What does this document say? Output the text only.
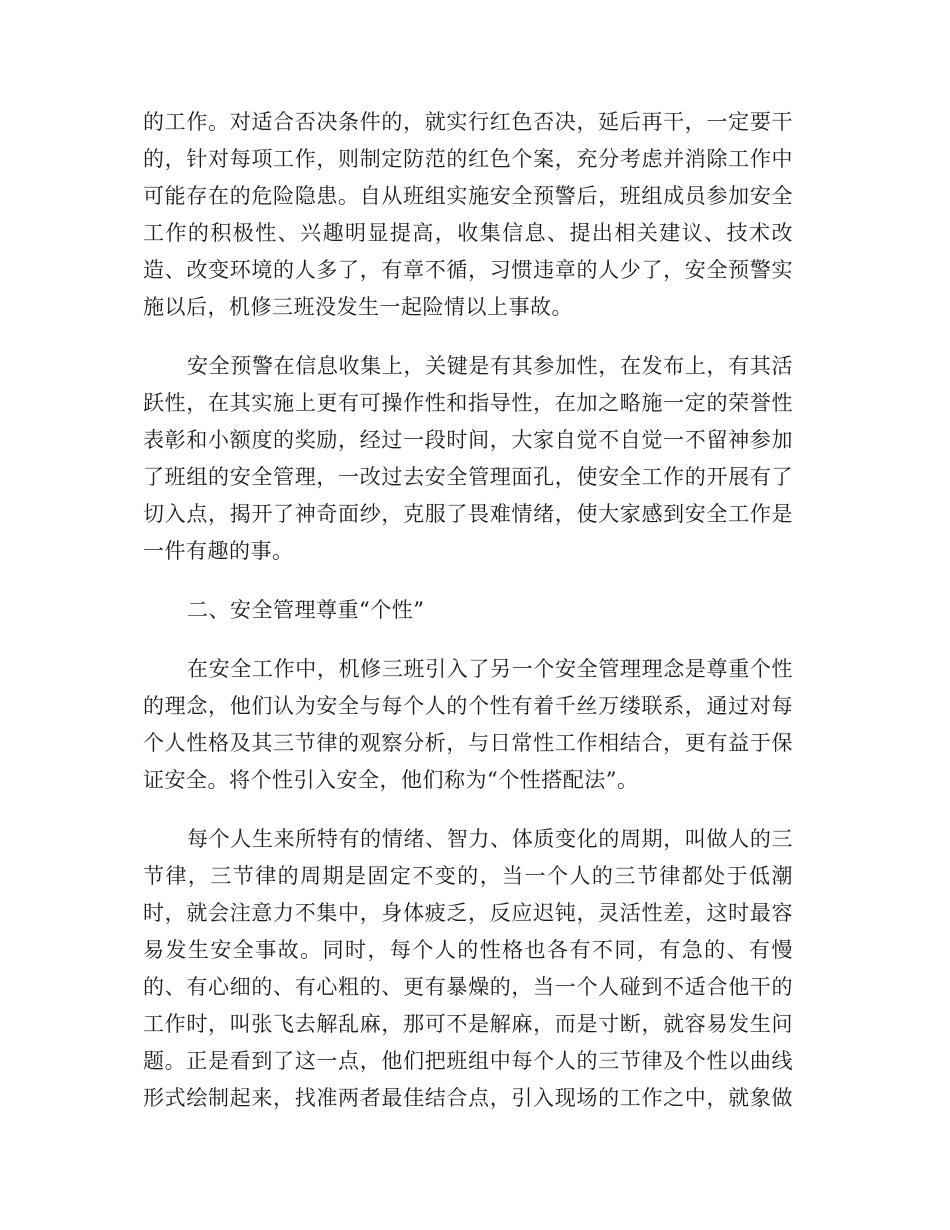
的工作。对适合否决条件的，就实行红色否决，延后再干，一定要干
的，针对每项工作，则制定防范的红色个案，充分考虑并消除工作中
可能存在的危险隐患。自从班组实施安全预警后，班组成员参加安全
工作的积极性、兴趣明显提高，收集信息、提出相关建议、技术改
造、改变环境的人多了，有章不循，习惯违章的人少了，安全预警实
施以后，机修三班没发生一起险情以上事故。
安全预警在信息收集上，关键是有其参加性，在发布上，有其活
跃性，在其实施上更有可操作性和指导性，在加之略施一定的荣誉性
表彰和小额度的奖励，经过一段时间，大家自觉不自觉一不留神参加
了班组的安全管理，一改过去安全管理面孔，使安全工作的开展有了
切入点，揭开了神奇面纱，克服了畏难情绪，使大家感到安全工作是
一件有趣的事。
二、安全管理尊重“个性”
在安全工作中，机修三班引入了另一个安全管理理念是尊重个性
的理念，他们认为安全与每个人的个性有着千丝万缕联系，通过对每
个人性格及其三节律的观察分析，与日常性工作相结合，更有益于保
证安全。将个性引入安全，他们称为“个性搭配法”。
每个人生来所特有的情绪、智力、体质变化的周期，叫做人的三
节律，三节律的周期是固定不变的，当一个人的三节律都处于低潮
时，就会注意力不集中，身体疲乏，反应迟钝，灵活性差，这时最容
易发生安全事故。同时，每个人的性格也各有不同，有急的、有慢
的、有心细的、有心粗的、更有暴燥的，当一个人碰到不适合他干的
工作时，叫张飞去解乱麻，那可不是解麻，而是寸断，就容易发生问
题。正是看到了这一点，他们把班组中每个人的三节律及个性以曲线
形式绘制起来，找准两者最佳结合点，引入现场的工作之中，就象做
